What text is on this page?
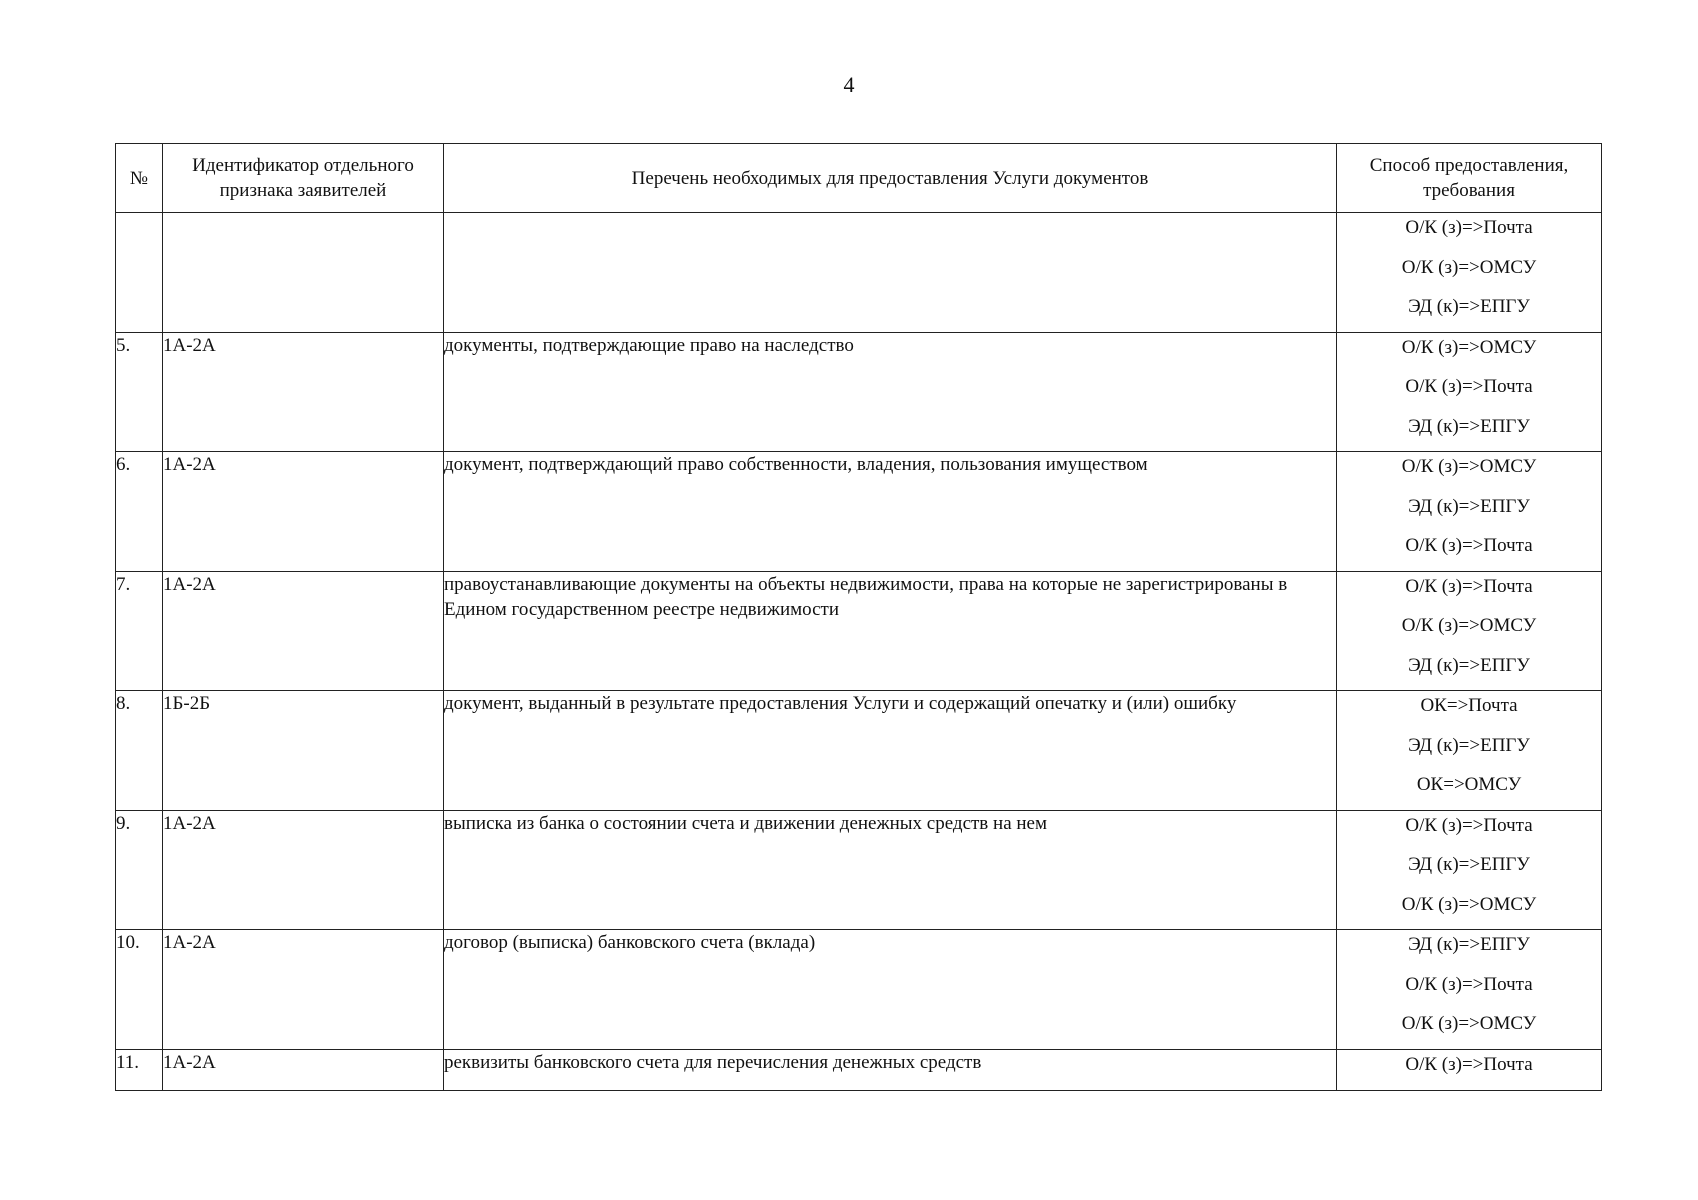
4
№	Идентификатор отдельного
признака заявителей	Перечень необходимых для предоставления Услуги документов	Способ предоставления,
требования

			О/К (з)=>Почта
О/К (з)=>ОМСУ
ЭД (к)=>ЕПГУ

5.	1А-2А	документы, подтверждающие право на наследство	О/К (з)=>ОМСУ
О/К (з)=>Почта
ЭД (к)=>ЕПГУ

6.	1А-2А	документ, подтверждающий право собственности, владения, пользования имуществом	О/К (з)=>ОМСУ
ЭД (к)=>ЕПГУ
О/К (з)=>Почта

7.	1А-2А	правоустанавливающие документы на объекты недвижимости, права на которые не зарегистрированы в Едином государственном реестре недвижимости	О/К (з)=>Почта
О/К (з)=>ОМСУ
ЭД (к)=>ЕПГУ

8.	1Б-2Б	документ, выданный в результате предоставления Услуги и содержащий опечатку и (или) ошибку	ОК=>Почта
ЭД (к)=>ЕПГУ
ОК=>ОМСУ

9.	1А-2А	выписка из банка о состоянии счета и движении денежных средств на нем	О/К (з)=>Почта
ЭД (к)=>ЕПГУ
О/К (з)=>ОМСУ

10.	1А-2А	договор (выписка) банковского счета (вклада)	ЭД (к)=>ЕПГУ
О/К (з)=>Почта
О/К (з)=>ОМСУ

11.	1А-2А	реквизиты банковского счета для перечисления денежных средств	О/К (з)=>Почта
